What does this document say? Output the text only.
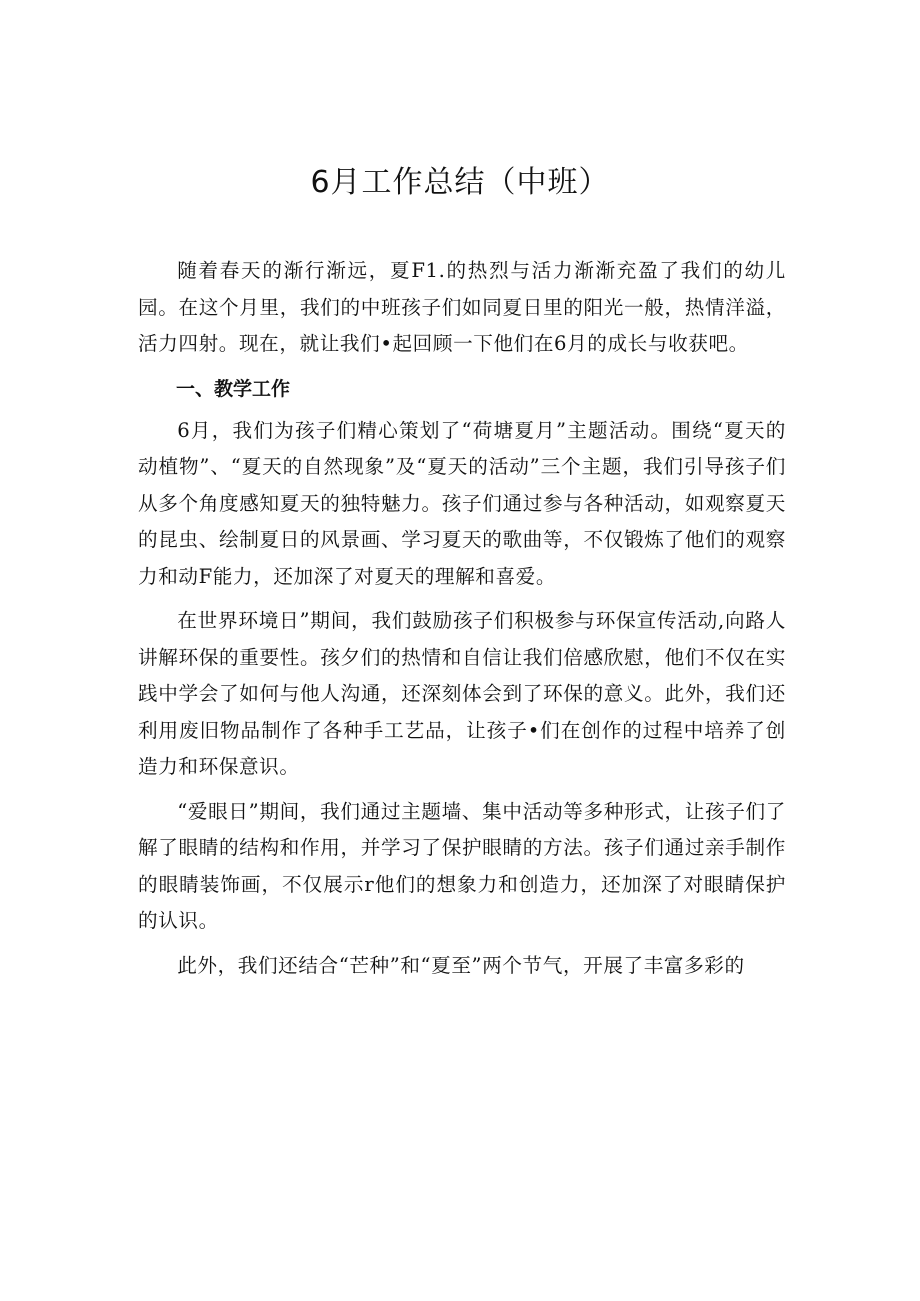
6月工作总结（中班）

随着春天的渐行渐远，夏F1.的热烈与活力渐渐充盈了我们的幼儿园。在这个月里，我们的中班孩子们如同夏日里的阳光一般，热情洋溢，活力四射。现在，就让我们•起回顾一下他们在6月的成长与收获吧。

一、教学工作

6月，我们为孩子们精心策划了“荷塘夏月”主题活动。围绕“夏天的动植物”、“夏天的自然现象”及“夏天的活动”三个主题，我们引导孩子们从多个角度感知夏天的独特魅力。孩子们通过参与各种活动，如观察夏天的昆虫、绘制夏日的风景画、学习夏天的歌曲等，不仅锻炼了他们的观察力和动F能力，还加深了对夏天的理解和喜爱。

在世界环境日”期间，我们鼓励孩子们积极参与环保宣传活动,向路人讲解环保的重要性。孩夕们的热情和自信让我们倍感欣慰，他们不仅在实践中学会了如何与他人沟通，还深刻体会到了环保的意义。此外，我们还利用废旧物品制作了各种手工艺品，让孩子•们在创作的过程中培养了创造力和环保意识。

“爱眼日”期间，我们通过主题墙、集中活动等多种形式，让孩子们了解了眼睛的结构和作用，并学习了保护眼睛的方法。孩子们通过亲手制作的眼睛装饰画，不仅展示r他们的想象力和创造力，还加深了对眼睛保护的认识。

此外，我们还结合“芒种”和“夏至”两个节气，开展了丰富多彩的
